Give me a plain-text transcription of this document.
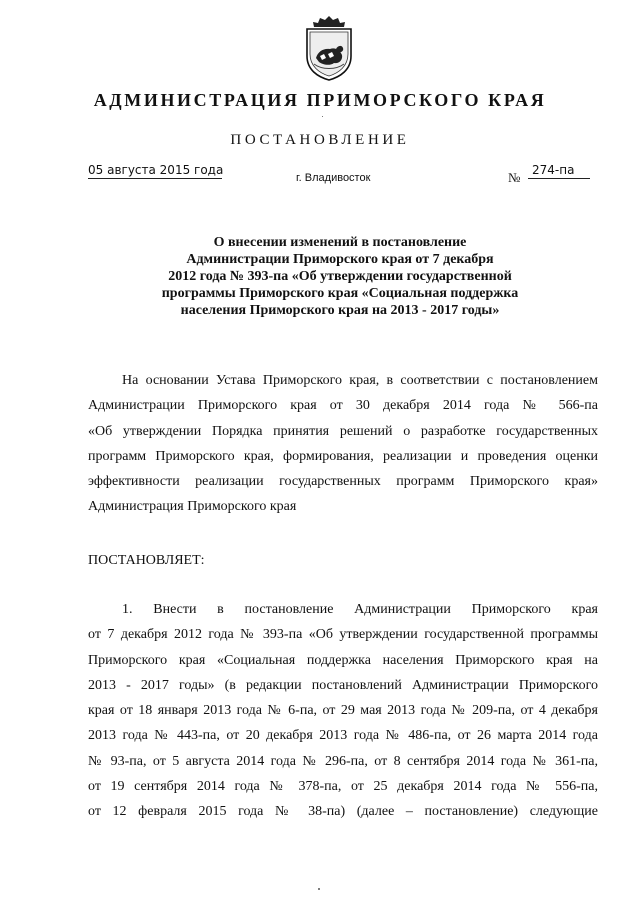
АДМИНИСТРАЦИЯ ПРИМОРСКОГО КРАЯ
ПОСТАНОВЛЕНИЕ
05 августа 2015 года
г. Владивосток	№ 274-па
О внесении изменений в постановление
Администрации Приморского края от 7 декабря
2012 года № 393-па «Об утверждении государственной
программы Приморского края «Социальная поддержка
населения Приморского края на 2013 - 2017 годы»
На основании Устава Приморского края, в соответствии с постановлением
Администрации Приморского края от 30 декабря 2014 года № 566-па
«Об утверждении Порядка принятия решений о разработке государственных
программ Приморского края, формирования, реализации и проведения оценки
эффективности реализации государственных программ Приморского края»
Администрация Приморского края
ПОСТАНОВЛЯЕТ:
1. Внести в постановление Администрации Приморского края
от 7 декабря 2012 года № 393-па «Об утверждении государственной программы
Приморского края «Социальная поддержка населения Приморского края на
2013 - 2017 годы» (в редакции постановлений Администрации Приморского
края от 18 января 2013 года № 6-па, от 29 мая 2013 года № 209-па, от 4 декабря
2013 года № 443-па, от 20 декабря 2013 года № 486-па, от 26 марта 2014 года
№ 93-па, от 5 августа 2014 года № 296-па, от 8 сентября 2014 года № 361-па,
от 19 сентября 2014 года № 378-па, от 25 декабря 2014 года № 556-па,
от 12 февраля 2015 года № 38-па) (далее – постановление) следующие
